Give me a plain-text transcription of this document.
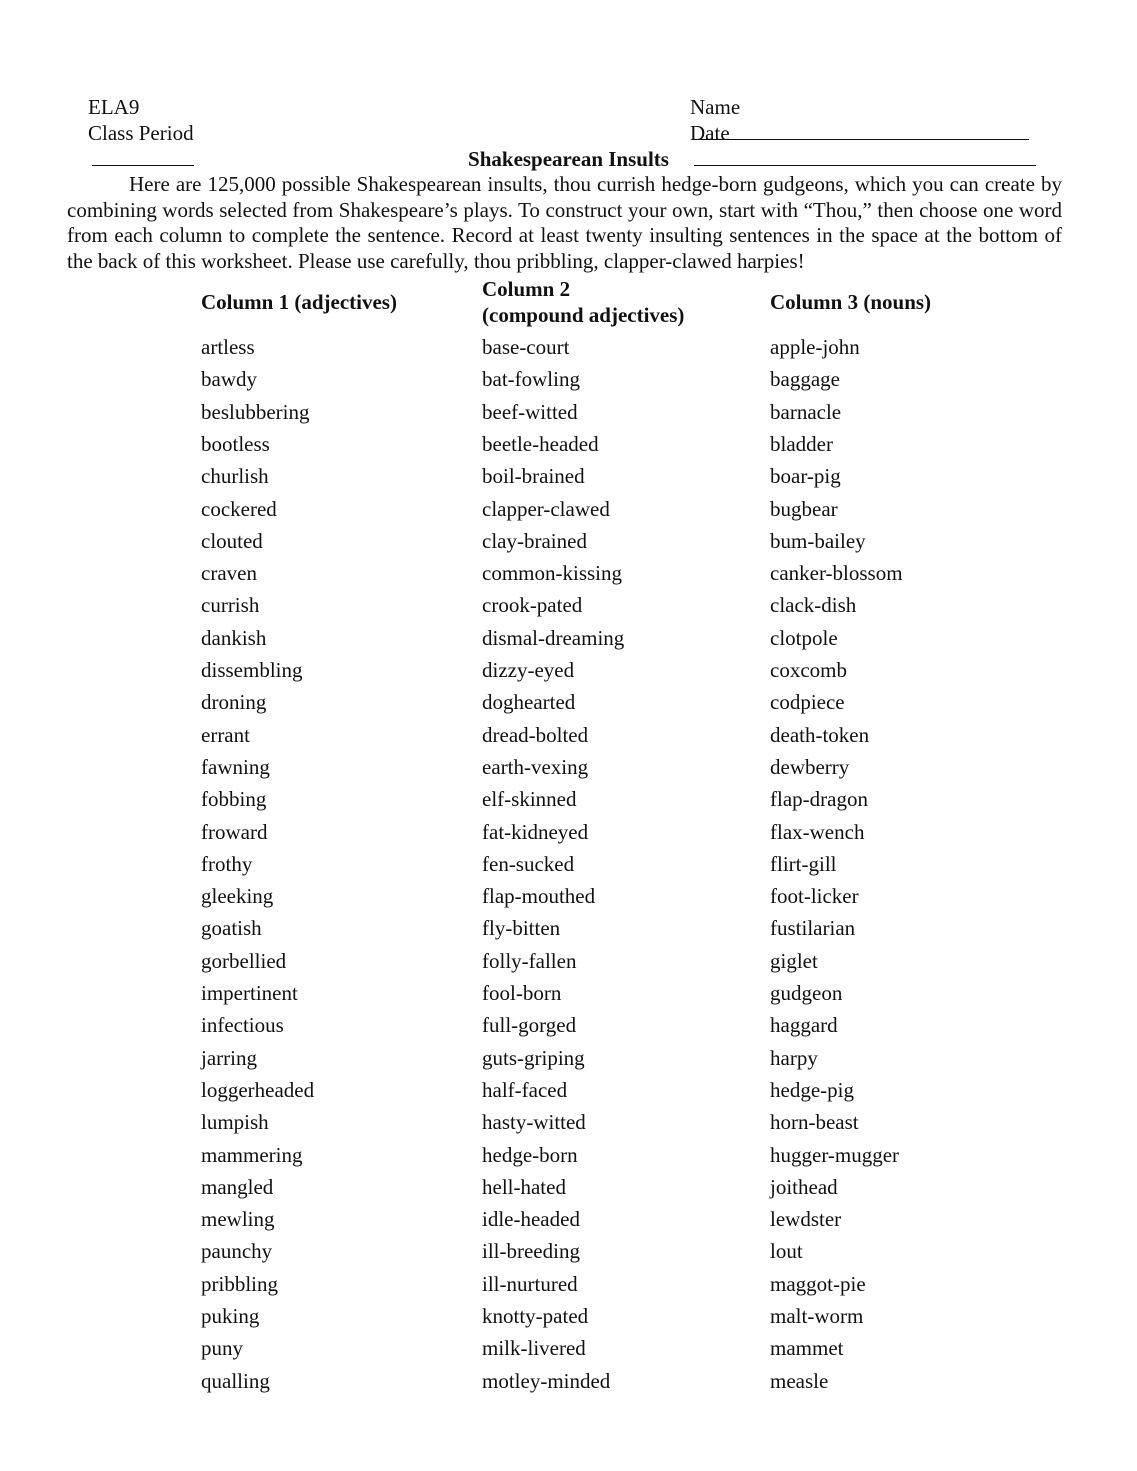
ELA9

Class Period

Name

Date

Shakespearean Insults
Here are 125,000 possible Shakespearean insults, thou currish hedge-born gudgeons, which you can create by combining words selected from Shakespeare’s plays. To construct your own, start with “Thou,” then choose one word from each column to complete the sentence. Record at least twenty insulting sentences in the space at the bottom of the back of this worksheet. Please use carefully, thou pribbling, clapper-clawed harpies!
Column 1 (adjectives)
Column 2
(compound adjectives)
Column 3 (nouns)
artless
bawdy
beslubbering
bootless
churlish
cockered
clouted
craven
currish
dankish
dissembling
droning
errant
fawning
fobbing
froward
frothy
gleeking
goatish
gorbellied
impertinent
infectious
jarring
loggerheaded
lumpish
mammering
mangled
mewling
paunchy
pribbling
puking
puny
qualling
base-court
bat-fowling
beef-witted
beetle-headed
boil-brained
clapper-clawed
clay-brained
common-kissing
crook-pated
dismal-dreaming
dizzy-eyed
doghearted
dread-bolted
earth-vexing
elf-skinned
fat-kidneyed
fen-sucked
flap-mouthed
fly-bitten
folly-fallen
fool-born
full-gorged
guts-griping
half-faced
hasty-witted
hedge-born
hell-hated
idle-headed
ill-breeding
ill-nurtured
knotty-pated
milk-livered
motley-minded
apple-john
baggage
barnacle
bladder
boar-pig
bugbear
bum-bailey
canker-blossom
clack-dish
clotpole
coxcomb
codpiece
death-token
dewberry
flap-dragon
flax-wench
flirt-gill
foot-licker
fustilarian
giglet
gudgeon
haggard
harpy
hedge-pig
horn-beast
hugger-mugger
joithead
lewdster
lout
maggot-pie
malt-worm
mammet
measle
